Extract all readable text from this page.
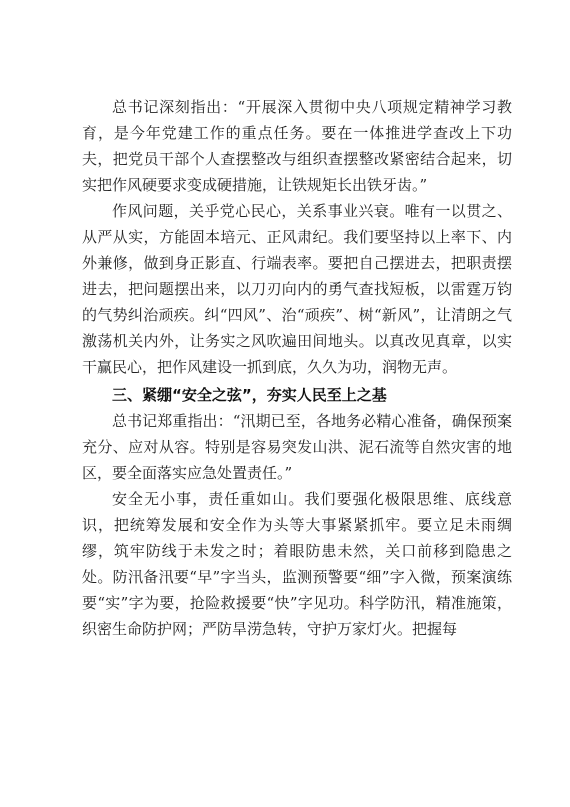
总书记深刻指出：“开展深入贯彻中央八项规定精神学习教育，是今年党建工作的重点任务。要在一体推进学查改上下功夫，把党员干部个人查摆整改与组织查摆整改紧密结合起来，切实把作风硬要求变成硬措施，让铁规矩长出铁牙齿。”

作风问题，关乎党心民心，关系事业兴衰。唯有一以贯之、从严从实，方能固本培元、正风肃纪。我们要坚持以上率下、内外兼修，做到身正影直、行端表率。要把自己摆进去，把职责摆进去，把问题摆出来，以刀刃向内的勇气查找短板，以雷霆万钧的气势纠治顽疾。纠“四风”、治“顽疾”、树“新风”，让清朗之气激荡机关内外，让务实之风吹遍田间地头。以真改见真章，以实干赢民心，把作风建设一抓到底，久久为功，润物无声。

三、紧绷“安全之弦”，夯实人民至上之基

总书记郑重指出：“汛期已至，各地务必精心准备，确保预案充分、应对从容。特别是容易突发山洪、泥石流等自然灾害的地区，要全面落实应急处置责任。”

安全无小事，责任重如山。我们要强化极限思维、底线意识，把统筹发展和安全作为头等大事紧紧抓牢。要立足未雨绸缪，筑牢防线于未发之时；着眼防患未然，关口前移到隐患之处。防汛备汛要“早”字当头，监测预警要“细”字入微，预案演练要“实”字为要，抢险救援要“快”字见功。科学防汛，精准施策，织密生命防护网；严防旱涝急转，守护万家灯火。把握每
